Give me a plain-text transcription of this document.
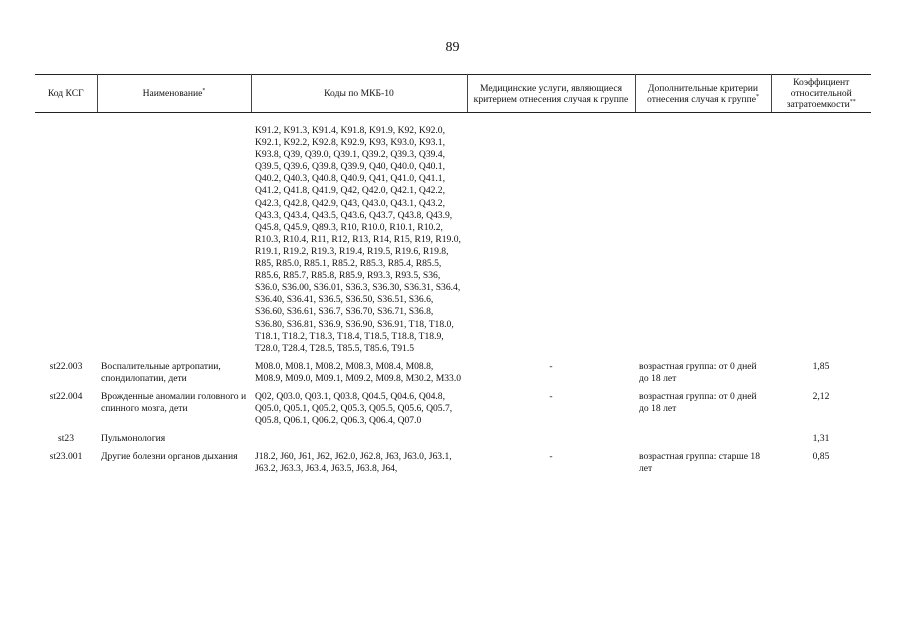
89
Код КСГ	Наименование*	Коды по МКБ-10	Медицинские услуги, являющиеся критерием отнесения случая к группе	Дополнительные критерии отнесения случая к группе*	Коэффициент относительной затратоемкости**
		K91.2, K91.3, K91.4, K91.8, K91.9, K92, K92.0, K92.1, K92.2, K92.8, K92.9, K93, K93.0, K93.1, K93.8, Q39, Q39.0, Q39.1, Q39.2, Q39.3, Q39.4, Q39.5, Q39.6, Q39.8, Q39.9, Q40, Q40.0, Q40.1, Q40.2, Q40.3, Q40.8, Q40.9, Q41, Q41.0, Q41.1, Q41.2, Q41.8, Q41.9, Q42, Q42.0, Q42.1, Q42.2, Q42.3, Q42.8, Q42.9, Q43, Q43.0, Q43.1, Q43.2, Q43.3, Q43.4, Q43.5, Q43.6, Q43.7, Q43.8, Q43.9, Q45.8, Q45.9, Q89.3, R10, R10.0, R10.1, R10.2, R10.3, R10.4, R11, R12, R13, R14, R15, R19, R19.0, R19.1, R19.2, R19.3, R19.4, R19.5, R19.6, R19.8, R85, R85.0, R85.1, R85.2, R85.3, R85.4, R85.5, R85.6, R85.7, R85.8, R85.9, R93.3, R93.5, S36, S36.0, S36.00, S36.01, S36.3, S36.30, S36.31, S36.4, S36.40, S36.41, S36.5, S36.50, S36.51, S36.6, S36.60, S36.61, S36.7, S36.70, S36.71, S36.8, S36.80, S36.81, S36.9, S36.90, S36.91, T18, T18.0, T18.1, T18.2, T18.3, T18.4, T18.5, T18.8, T18.9, T28.0, T28.4, T28.5, T85.5, T85.6, T91.5			
st22.003	Воспалительные артропатии, спондилопатии, дети	M08.0, M08.1, M08.2, M08.3, M08.4, M08.8, M08.9, M09.0, M09.1, M09.2, M09.8, M30.2, M33.0	-	возрастная группа: от 0 дней до 18 лет	1,85
st22.004	Врожденные аномалии головного и спинного мозга, дети	Q02, Q03.0, Q03.1, Q03.8, Q04.5, Q04.6, Q04.8, Q05.0, Q05.1, Q05.2, Q05.3, Q05.5, Q05.6, Q05.7, Q05.8, Q06.1, Q06.2, Q06.3, Q06.4, Q07.0	-	возрастная группа: от 0 дней до 18 лет	2,12
st23	Пульмонология				1,31
st23.001	Другие болезни органов дыхания	J18.2, J60, J61, J62, J62.0, J62.8, J63, J63.0, J63.1, J63.2, J63.3, J63.4, J63.5, J63.8, J64,	-	возрастная группа: старше 18 лет	0,85
